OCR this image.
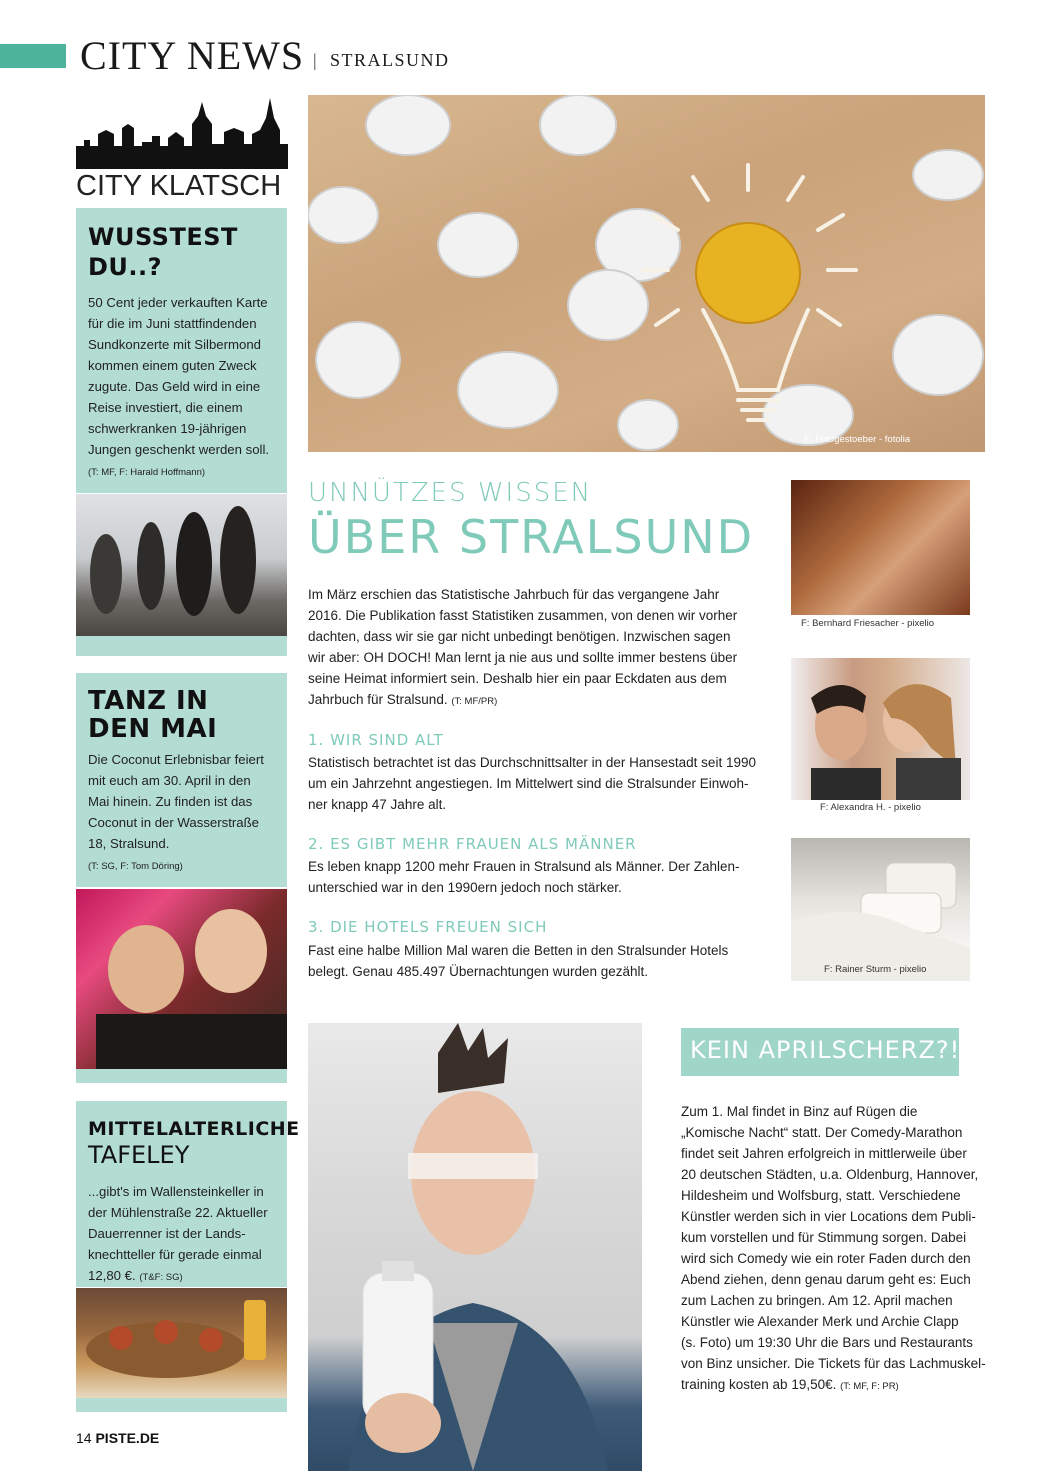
CITY NEWS | STRALSUND
CITY KLATSCH
WUSSTEST
DU..?

50 Cent jeder verkauften Karte
für die im Juni stattfindenden
Sundkonzerte mit Silbermond
kommen einem guten Zweck
zugute. Das Geld wird in eine
Reise investiert, die einem
schwerkranken 19-jährigen
Jungen geschenkt werden soll.
(T: MF, F: Harald Hoffmann)

TANZ IN
DEN MAI

Die Coconut Erlebnisbar feiert
mit euch am 30. April in den
Mai hinein. Zu finden ist das
Coconut in der Wasserstraße
18, Stralsund.
(T: SG, F: Tom Döring)

MITTELALTERLICHE
TAFELEY

...gibt's im Wallensteinkeller in
der Mühlenstraße 22. Aktueller
Dauerrenner ist der Lands-
knechtteller für gerade einmal
12,80 €. (T&F: SG)

F: Fotogestoeber - fotolia
UNNÜTZES WISSEN
ÜBER STRALSUND
Im März erschien das Statistische Jahrbuch für das vergangene Jahr
2016. Die Publikation fasst Statistiken zusammen, von denen wir vorher
dachten, dass wir sie gar nicht unbedingt benötigen. Inzwischen sagen
wir aber: OH DOCH! Man lernt ja nie aus und sollte immer bestens über
seine Heimat informiert sein. Deshalb hier ein paar Eckdaten aus dem
Jahrbuch für Stralsund. (T: MF/PR)
1. WIR SIND ALT
Statistisch betrachtet ist das Durchschnittsalter in der Hansestadt seit 1990
um ein Jahrzehnt angestiegen. Im Mittelwert sind die Stralsunder Einwoh-
ner knapp 47 Jahre alt.
2. ES GIBT MEHR FRAUEN ALS MÄNNER
Es leben knapp 1200 mehr Frauen in Stralsund als Männer. Der Zahlen-
unterschied war in den 1990ern jedoch noch stärker.
3. DIE HOTELS FREUEN SICH
Fast eine halbe Million Mal waren die Betten in den Stralsunder Hotels
belegt. Genau 485.497 Übernachtungen wurden gezählt.
F: Bernhard Friesacher - pixelio
F: Alexandra H. - pixelio
F: Rainer Sturm - pixelio
KEIN APRILSCHERZ?!
Zum 1. Mal findet in Binz auf Rügen die
„Komische Nacht“ statt. Der Comedy-Marathon
findet seit Jahren erfolgreich in mittlerweile über
20 deutschen Städten, u.a. Oldenburg, Hannover,
Hildesheim und Wolfsburg, statt. Verschiedene
Künstler werden sich in vier Locations dem Publi-
kum vorstellen und für Stimmung sorgen. Dabei
wird sich Comedy wie ein roter Faden durch den
Abend ziehen, denn genau darum geht es: Euch
zum Lachen zu bringen. Am 12. April machen
Künstler wie Alexander Merk und Archie Clapp
(s. Foto) um 19:30 Uhr die Bars und Restaurants
von Binz unsicher. Die Tickets für das Lachmuskel-
training kosten ab 19,50€. (T: MF, F: PR)
14 PISTE.DE
